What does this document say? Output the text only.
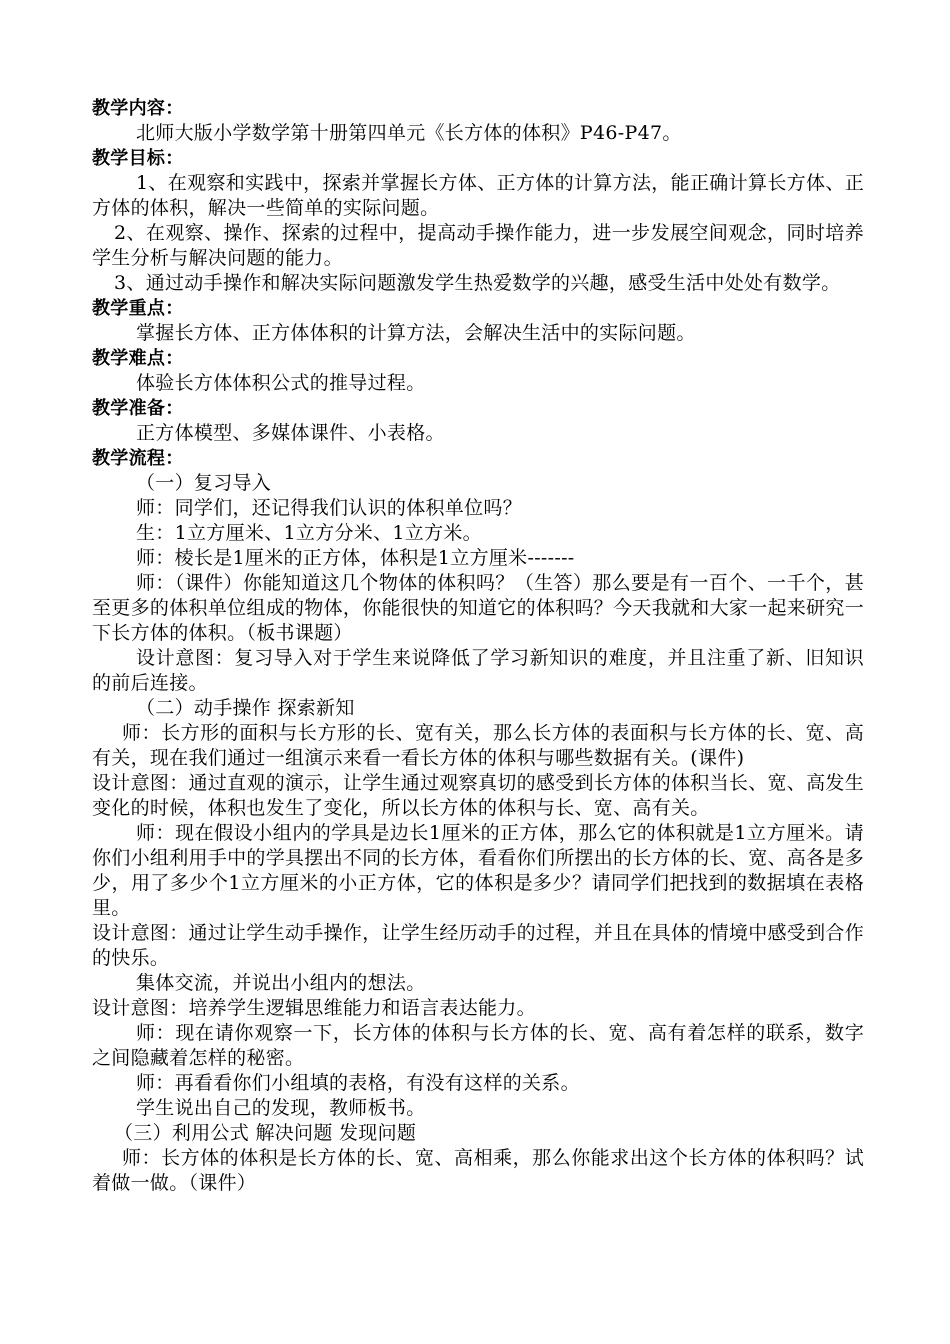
教学内容：
北师大版小学数学第十册第四单元《长方体的体积》P46-P47。
教学目标：
1、在观察和实践中，探索并掌握长方体、正方体的计算方法，能正确计算长方体、正方体的体积，解决一些简单的实际问题。
2、在观察、操作、探索的过程中，提高动手操作能力，进一步发展空间观念，同时培养学生分析与解决问题的能力。
3、通过动手操作和解决实际问题激发学生热爱数学的兴趣，感受生活中处处有数学。
教学重点：
掌握长方体、正方体体积的计算方法，会解决生活中的实际问题。
教学难点：
体验长方体体积公式的推导过程。
教学准备：
正方体模型、多媒体课件、小表格。
教学流程：
（一）复习导入
师：同学们，还记得我们认识的体积单位吗？
生：1立方厘米、1立方分米、1立方米。
师：棱长是1厘米的正方体，体积是1立方厘米-------
师：（课件）你能知道这几个物体的体积吗？（生答）那么要是有一百个、一千个，甚至更多的体积单位组成的物体，你能很快的知道它的体积吗？今天我就和大家一起来研究一下长方体的体积。（板书课题）
设计意图：复习导入对于学生来说降低了学习新知识的难度，并且注重了新、旧知识的前后连接。
（二）动手操作 探索新知
师：长方形的面积与长方形的长、宽有关，那么长方体的表面积与长方体的长、宽、高有关，现在我们通过一组演示来看一看长方体的体积与哪些数据有关。(课件)
设计意图：通过直观的演示，让学生通过观察真切的感受到长方体的体积当长、宽、高发生变化的时候，体积也发生了变化，所以长方体的体积与长、宽、高有关。
师：现在假设小组内的学具是边长1厘米的正方体，那么它的体积就是1立方厘米。请你们小组利用手中的学具摆出不同的长方体，看看你们所摆出的长方体的长、宽、高各是多少，用了多少个1立方厘米的小正方体，它的体积是多少？请同学们把找到的数据填在表格里。
设计意图：通过让学生动手操作，让学生经历动手的过程，并且在具体的情境中感受到合作的快乐。
集体交流，并说出小组内的想法。
设计意图：培养学生逻辑思维能力和语言表达能力。
师：现在请你观察一下，长方体的体积与长方体的长、宽、高有着怎样的联系，数字之间隐藏着怎样的秘密。
师：再看看你们小组填的表格，有没有这样的关系。
学生说出自己的发现，教师板书。
（三）利用公式 解决问题 发现问题
师：长方体的体积是长方体的长、宽、高相乘，那么你能求出这个长方体的体积吗？试着做一做。（课件）
